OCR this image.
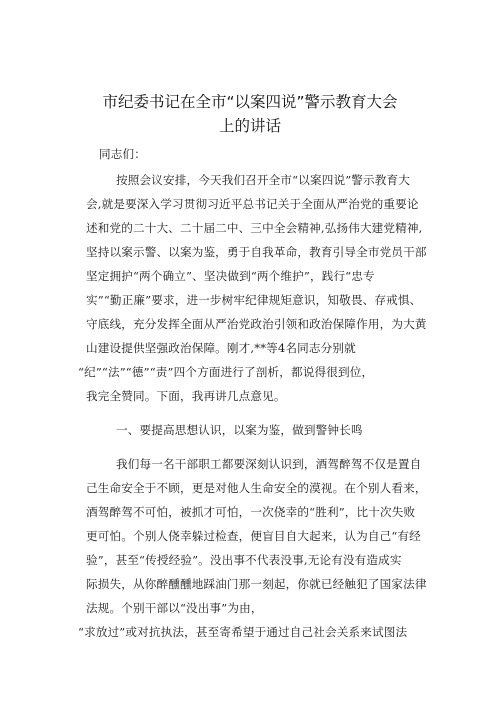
市纪委书记在全市“以案四说”警示教育大会
上的讲话
同志们：
按照会议安排，今天我们召开全市“以案四说”警示教育大
会,就是要深入学习贯彻习近平总书记关于全面从严治党的重要论
述和党的二十大、二十届二中、三中全会精神,弘扬伟大建党精神,
坚持以案示警、以案为鉴，勇于自我革命，教育引导全市党员干部
坚定拥护“两个确立”、坚决做到“两个维护”，践行“忠专
实”“勤正廉”要求，进一步树牢纪律规矩意识，知敬畏、存戒惧、
守底线，充分发挥全面从严治党政治引领和政治保障作用，为大黄
山建设提供坚强政治保障。刚才,**等4名同志分别就
“纪”“法”“德”“责”四个方面进行了剖析，都说得很到位，
我完全赞同。下面，我再讲几点意见。
一、要提高思想认识，以案为鉴，做到警钟长鸣
我们每一名干部职工都要深刻认识到，酒驾醉驾不仅是置自
己生命安全于不顾，更是对他人生命安全的漠视。在个别人看来，
酒驾醉驾不可怕，被抓才可怕，一次侥幸的“胜利”，比十次失败
更可怕。个别人侥幸躲过检查，便盲目自大起来，认为自己“有经
验”，甚至“传授经验”。没出事不代表没事,无论有没有造成实
际损失，从你醉醺醺地踩油门那一刻起，你就已经触犯了国家法律
法规。个别干部以“没出事”为由，
“求放过”或对抗执法，甚至寄希望于通过自己社会关系来试图法
